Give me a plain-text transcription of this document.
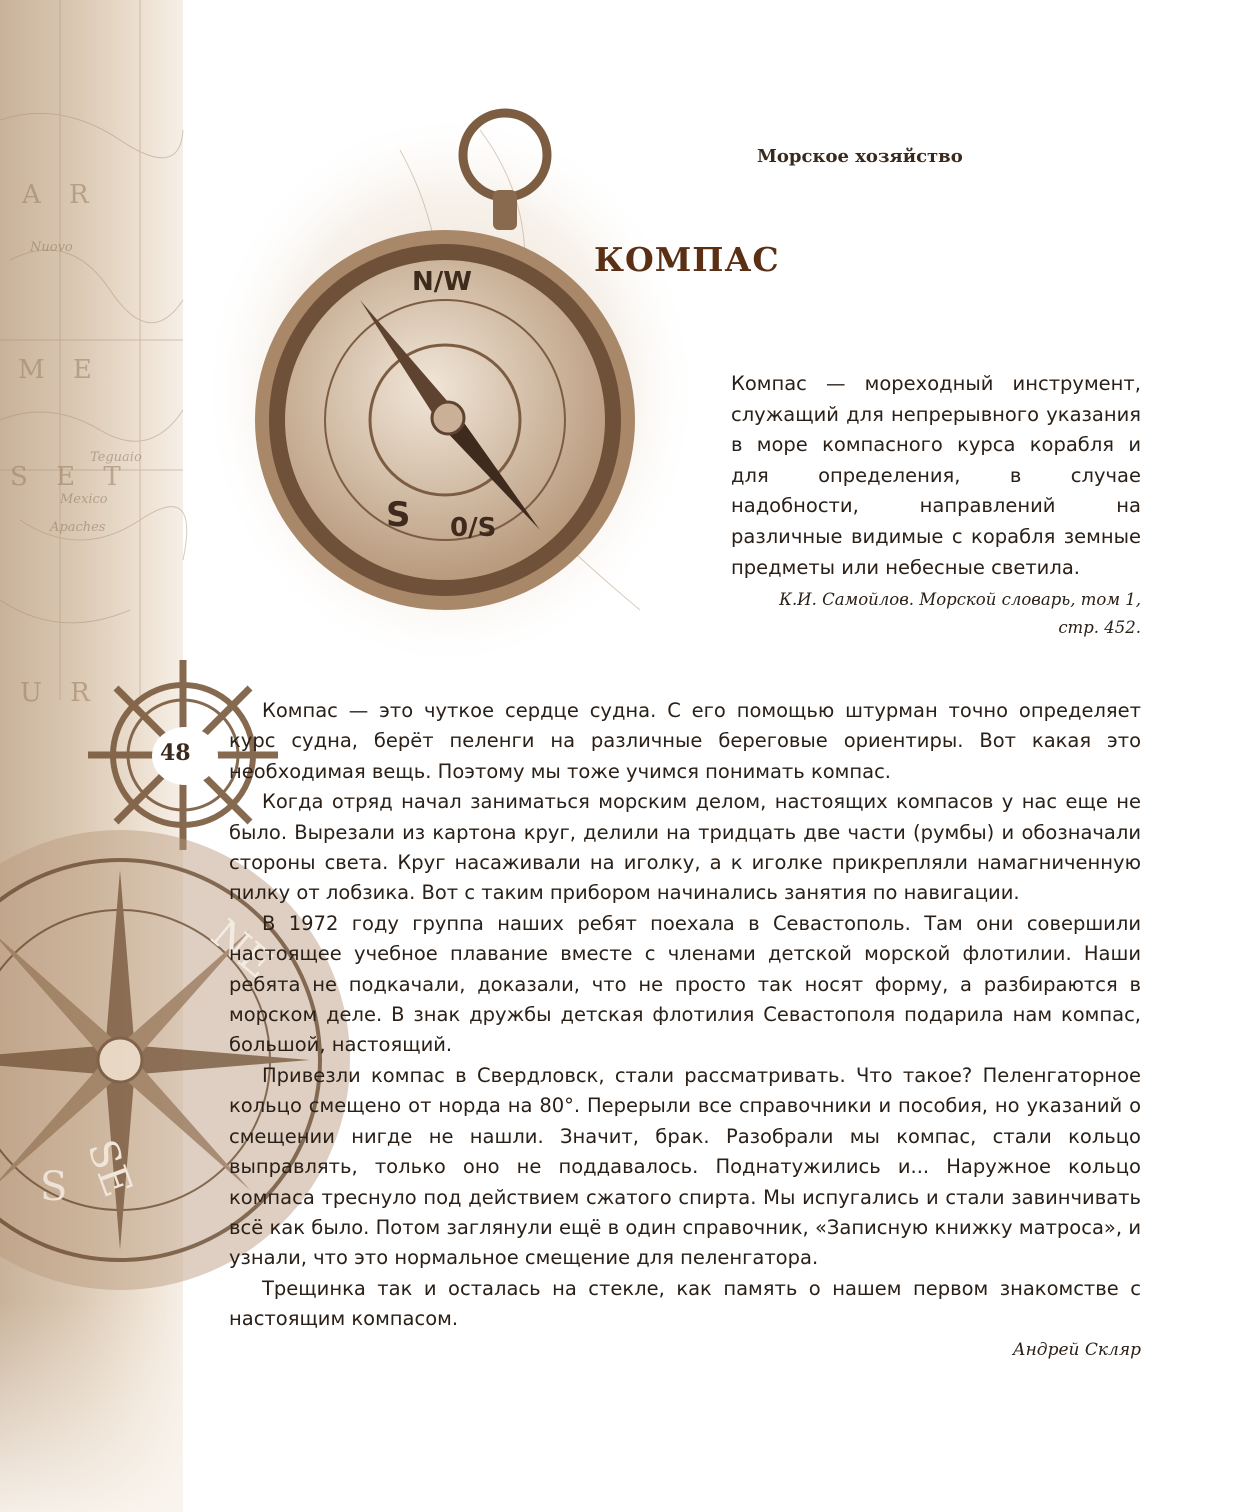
NE
SE
S
A R
M E
S E T
U R
Nuovo
Mexico
Apaches
Teguaio
N/W
S 0/S
Морское хозяйство
КОМПАС
Компас — мореходный инструмент, служащий для непрерывного указания в море компасного курса корабля и для определения, в случае надобности, направлений на различные видимые с корабля земные предметы или небесные светила.
К.И. Самойлов. Морской словарь, том 1,
стр. 452.
48

Компас — это чуткое сердце судна. С его помощью штурман точно определяет курс судна, берёт пеленги на различные береговые ориентиры. Вот какая это необходимая вещь. Поэтому мы тоже учимся понимать компас.

Когда отряд начал заниматься морским делом, настоящих компасов у нас еще не было. Вырезали из картона круг, делили на тридцать две части (румбы) и обозначали стороны света. Круг насаживали на иголку, а к иголке прикрепляли намагниченную пилку от лобзика. Вот с таким прибором начинались занятия по навигации.

В 1972 году группа наших ребят поехала в Севастополь. Там они совершили настоящее учебное плавание вместе с членами детской морской флотилии. Наши ребята не подкачали, доказали, что не просто так носят форму, а разбираются в морском деле. В знак дружбы детская флотилия Севастополя подарила нам компас, большой, настоящий.

Привезли компас в Свердловск, стали рассматривать. Что такое? Пеленгаторное кольцо смещено от норда на 80°. Перерыли все справочники и пособия, но указаний о смещении нигде не нашли. Значит, брак. Разобрали мы компас, стали кольцо выправлять, только оно не поддавалось. Поднатужились и... Наружное кольцо компаса треснуло под действием сжатого спирта. Мы испугались и стали завинчивать всё как было. Потом заглянули ещё в один справочник, «Записную книжку матроса», и узнали, что это нормальное смещение для пеленгатора.

Трещинка так и осталась на стекле, как память о нашем первом знакомстве с настоящим компасом.

Андрей Скляр
